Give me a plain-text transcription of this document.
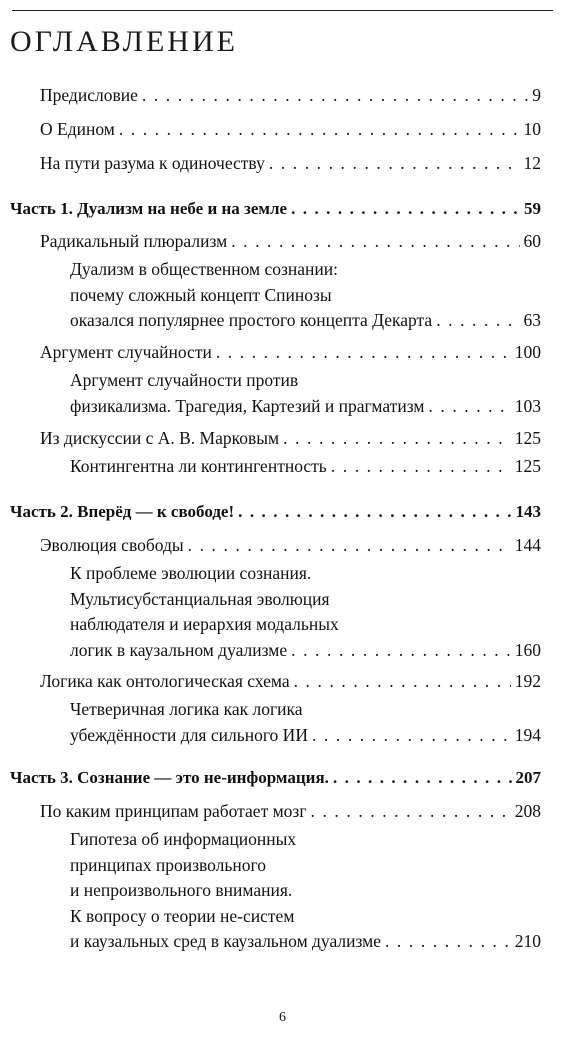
ОГЛАВЛЕНИЕ
Предисловие . . .	9
О Едином . . .	10
На пути разума к одиночеству . . .	12
Часть 1. Дуализм на небе и на земле . . .	59
Радикальный плюрализм . . .	60
Дуализм в общественном сознании:
почему сложный концепт Спинозы
оказался популярнее простого концепта Декарта . . .	63
Аргумент случайности . . .	100
Аргумент случайности против
физикализма. Трагедия, Картезий и прагматизм . . .	103
Из дискуссии с А. В. Марковым . . .	125
Контингентна ли контингентность . . .	125
Часть 2. Вперёд — к свободе! . . .	143
Эволюция свободы . . .	144
К проблеме эволюции сознания.
Мультисубстанциальная эволюция
наблюдателя и иерархия модальных
логик в каузальном дуализме . . .	160
Логика как онтологическая схема . . .	192
Четверичная логика как логика
убеждённости для сильного ИИ . . .	194
Часть 3. Сознание — это не-информация. . . .	207
По каким принципам работает мозг . . .	208
Гипотеза об информационных
принципах произвольного
и непроизвольного внимания.
К вопросу о теории не-систем
и каузальных сред в каузальном дуализме . . .	210
6
